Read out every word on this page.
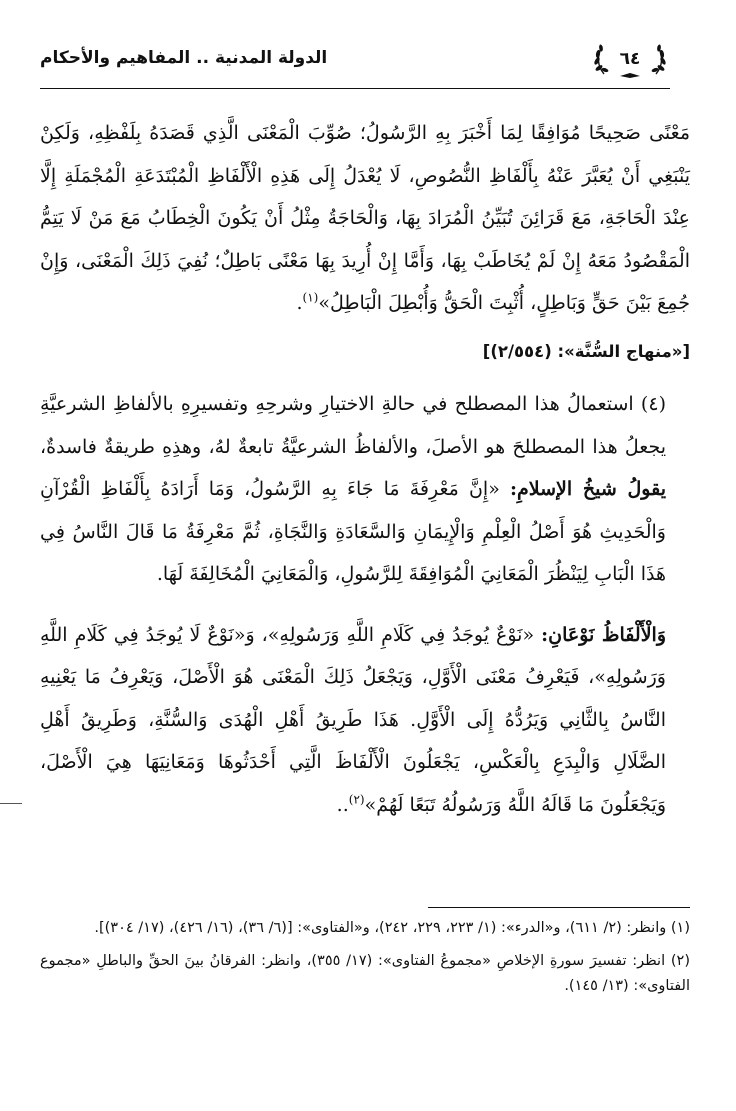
الدولة المدنية .. المفاهيم والأحكام	٦٤

مَعْنًى صَحِيحًا مُوَافِقًا لِمَا أَخْبَرَ بِهِ الرَّسُولُ؛ صُوِّبَ الْمَعْنَى الَّذِي قَصَدَهُ بِلَفْظِهِ، وَلَكِنْ يَنْبَغِي أَنْ يُعَبَّرَ عَنْهُ بِأَلْفَاظِ النُّصُوصِ، لَا يُعْدَلُ إِلَى هَذِهِ الْأَلْفَاظِ الْمُبْتَدَعَةِ الْمُجْمَلَةِ إِلَّا عِنْدَ الْحَاجَةِ، مَعَ قَرَائِنَ تُبَيِّنُ الْمُرَادَ بِهَا، وَالْحَاجَةُ مِثْلُ أَنْ يَكُونَ الْخِطَابُ مَعَ مَنْ لَا يَتِمُّ الْمَقْصُودُ مَعَهُ إِنْ لَمْ يُخَاطَبْ بِهَا، وَأَمَّا إِنْ أُرِيدَ بِهَا مَعْنًى بَاطِلٌ؛ نُفِيَ ذَلِكَ الْمَعْنَى، وَإِنْ جُمِعَ بَيْنَ حَقٍّ وَبَاطِلٍ، أُثْبِتَ الْحَقُّ وَأُبْطِلَ الْبَاطِلُ»$^{(١)}$.

[«منهاج السُّنَّة»: (٢/٥٥٤)]

(٤) استعمالُ هذا المصطلح في حالةِ الاختيارِ وشرحِهِ وتفسيرِهِ بالألفاظِ الشرعيَّةِ يجعلُ هذا المصطلحَ هو الأصلَ، والألفاظُ الشرعيَّةُ تابعةٌ لهُ، وهذِهِ طريقةٌ فاسدةٌ، يقولُ شيخُ الإسلامِ: «إِنَّ مَعْرِفَةَ مَا جَاءَ بِهِ الرَّسُولُ، وَمَا أَرَادَهُ بِأَلْفَاظِ الْقُرْآنِ وَالْحَدِيثِ هُوَ أَصْلُ الْعِلْمِ وَالْإِيمَانِ وَالسَّعَادَةِ وَالنَّجَاةِ، ثُمَّ مَعْرِفَةُ مَا قَالَ النَّاسُ فِي هَذَا الْبَابِ لِيَنْظُرَ الْمَعَانِيَ الْمُوَافِقَةَ لِلرَّسُولِ، وَالْمَعَانِيَ الْمُخَالِفَةَ لَهَا.

وَالْأَلْفَاظُ نَوْعَانِ: «نَوْعٌ يُوجَدُ فِي كَلَامِ اللَّهِ وَرَسُولِهِ»، وَ«نَوْعٌ لَا يُوجَدُ فِي كَلَامِ اللَّهِ وَرَسُولِهِ»، فَيَعْرِفُ مَعْنَى الْأَوَّلِ، وَيَجْعَلُ ذَلِكَ الْمَعْنَى هُوَ الْأَصْلَ، وَيَعْرِفُ مَا يَعْنِيهِ النَّاسُ بِالثَّانِي وَيَرُدُّهُ إِلَى الْأَوَّلِ. هَذَا طَرِيقُ أَهْلِ الْهُدَى وَالسُّنَّةِ، وَطَرِيقُ أَهْلِ الضَّلَالِ وَالْبِدَعِ بِالْعَكْسِ، يَجْعَلُونَ الْأَلْفَاظَ الَّتِي أَحْدَثُوهَا وَمَعَانِيَهَا هِيَ الْأَصْلَ، وَيَجْعَلُونَ مَا قَالَهُ اللَّهُ وَرَسُولُهُ تَبَعًا لَهُمْ»$^{(٢)}$..

(١) وانظر: (٢/ ٦١١)، و«الدرء»: (١/ ٢٢٣، ٢٢٩، ٢٤٢)، و«الفتاوى»: [(٦/ ٣٦)، (١٦/ ٤٢٦)، (١٧/ ٣٠٤)].

(٢) انظر: تفسيرَ سورةِ الإخلاصِ «مجموعُ الفتاوى»: (١٧/ ٣٥٥)، وانظر: الفرقانُ بينَ الحقِّ والباطلِ «مجموع الفتاوى»: (١٣/ ١٤٥).
